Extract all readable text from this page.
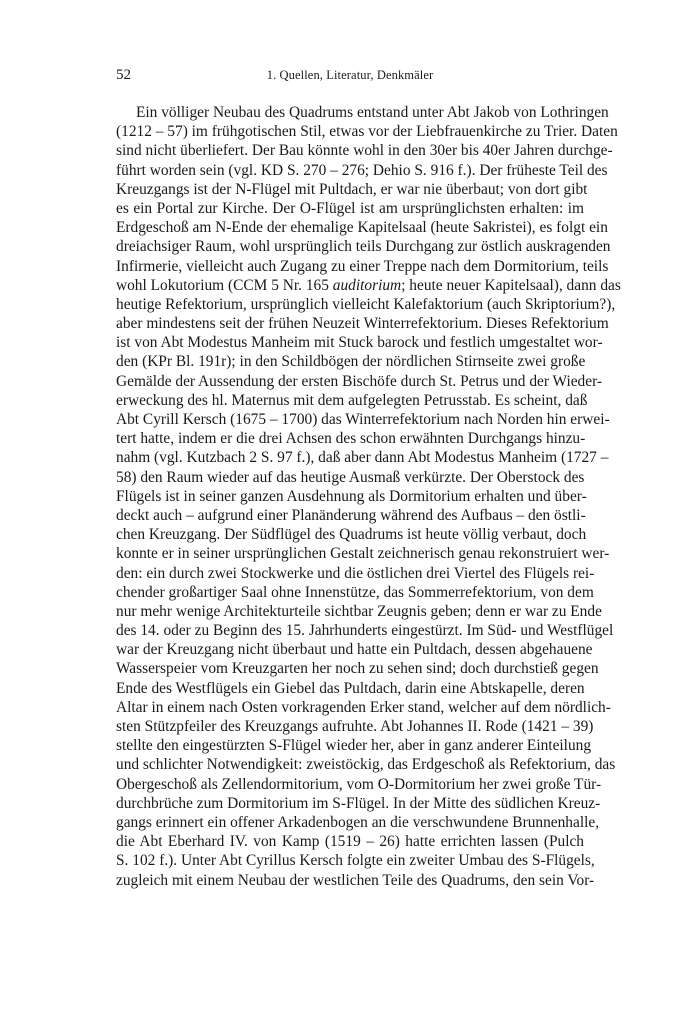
52	1. Quellen, Literatur, Denkmäler
Ein völliger Neubau des Quadrums entstand unter Abt Jakob von Lothringen
(1212 – 57) im frühgotischen Stil, etwas vor der Liebfrauenkirche zu Trier. Daten
sind nicht überliefert. Der Bau könnte wohl in den 30er bis 40er Jahren durchge-
führt worden sein (vgl. KD S. 270 – 276; Dehio S. 916 f.). Der früheste Teil des
Kreuzgangs ist der N-Flügel mit Pultdach, er war nie überbaut; von dort gibt
es ein Portal zur Kirche. Der O-Flügel ist am ursprünglichsten erhalten: im
Erdgeschoß am N-Ende der ehemalige Kapitelsaal (heute Sakristei), es folgt ein
dreiachsiger Raum, wohl ursprünglich teils Durchgang zur östlich auskragenden
Infirmerie, vielleicht auch Zugang zu einer Treppe nach dem Dormitorium, teils
wohl Lokutorium (CCM 5 Nr. 165 auditorium; heute neuer Kapitelsaal), dann das
heutige Refektorium, ursprünglich vielleicht Kalefaktorium (auch Skriptorium?),
aber mindestens seit der frühen Neuzeit Winterrefektorium. Dieses Refektorium
ist von Abt Modestus Manheim mit Stuck barock und festlich umgestaltet wor-
den (KPr Bl. 191r); in den Schildbögen der nördlichen Stirnseite zwei große
Gemälde der Aussendung der ersten Bischöfe durch St. Petrus und der Wieder-
erweckung des hl. Maternus mit dem aufgelegten Petrusstab. Es scheint, daß
Abt Cyrill Kersch (1675 – 1700) das Winterrefektorium nach Norden hin erwei-
tert hatte, indem er die drei Achsen des schon erwähnten Durchgangs hinzu-
nahm (vgl. Kutzbach 2 S. 97 f.), daß aber dann Abt Modestus Manheim (1727 –
58) den Raum wieder auf das heutige Ausmaß verkürzte. Der Oberstock des
Flügels ist in seiner ganzen Ausdehnung als Dormitorium erhalten und über-
deckt auch – aufgrund einer Planänderung während des Aufbaus – den östli-
chen Kreuzgang. Der Südflügel des Quadrums ist heute völlig verbaut, doch
konnte er in seiner ursprünglichen Gestalt zeichnerisch genau rekonstruiert wer-
den: ein durch zwei Stockwerke und die östlichen drei Viertel des Flügels rei-
chender großartiger Saal ohne Innenstütze, das Sommerrefektorium, von dem
nur mehr wenige Architekturteile sichtbar Zeugnis geben; denn er war zu Ende
des 14. oder zu Beginn des 15. Jahrhunderts eingestürzt. Im Süd- und Westflügel
war der Kreuzgang nicht überbaut und hatte ein Pultdach, dessen abgehauene
Wasserspeier vom Kreuzgarten her noch zu sehen sind; doch durchstieß gegen
Ende des Westflügels ein Giebel das Pultdach, darin eine Abtskapelle, deren
Altar in einem nach Osten vorkragenden Erker stand, welcher auf dem nördlich-
sten Stützpfeiler des Kreuzgangs aufruhte. Abt Johannes II. Rode (1421 – 39)
stellte den eingestürzten S-Flügel wieder her, aber in ganz anderer Einteilung
und schlichter Notwendigkeit: zweistöckig, das Erdgeschoß als Refektorium, das
Obergeschoß als Zellendormitorium, vom O-Dormitorium her zwei große Tür-
durchbrüche zum Dormitorium im S-Flügel. In der Mitte des südlichen Kreuz-
gangs erinnert ein offener Arkadenbogen an die verschwundene Brunnenhalle,
die Abt Eberhard IV. von Kamp (1519 – 26) hatte errichten lassen (Pulch
S. 102 f.). Unter Abt Cyrillus Kersch folgte ein zweiter Umbau des S-Flügels,
zugleich mit einem Neubau der westlichen Teile des Quadrums, den sein Vor-
